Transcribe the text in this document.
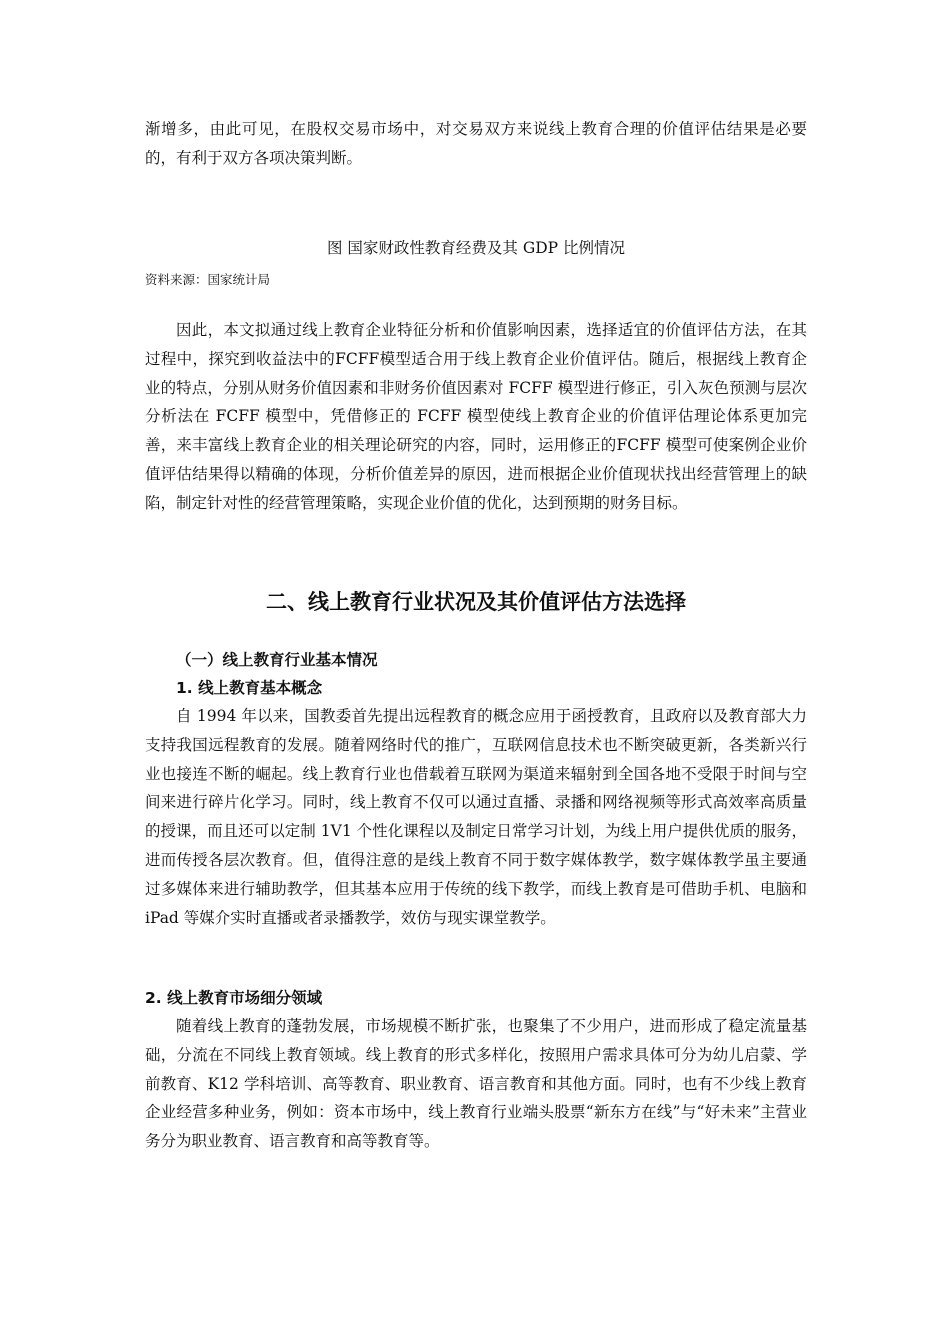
渐增多，由此可见，在股权交易市场中，对交易双方来说线上教育合理的价值评估结果是必要的，有利于双方各项决策判断。

图 国家财政性教育经费及其 GDP 比例情况

资料来源：国家统计局

因此，本文拟通过线上教育企业特征分析和价值影响因素，选择适宜的价值评估方法，在其过程中，探究到收益法中的FCFF模型适合用于线上教育企业价值评估。随后，根据线上教育企业的特点，分别从财务价值因素和非财务价值因素对 FCFF 模型进行修正，引入灰色预测与层次分析法在 FCFF 模型中，凭借修正的 FCFF 模型使线上教育企业的价值评估理论体系更加完善，来丰富线上教育企业的相关理论研究的内容，同时，运用修正的FCFF 模型可使案例企业价值评估结果得以精确的体现，分析价值差异的原因，进而根据企业价值现状找出经营管理上的缺陷，制定针对性的经营管理策略，实现企业价值的优化，达到预期的财务目标。

二、线上教育行业状况及其价值评估方法选择
（一）线上教育行业基本情况
1. 线上教育基本概念

自 1994 年以来，国教委首先提出远程教育的概念应用于函授教育，且政府以及教育部大力支持我国远程教育的发展。随着网络时代的推广，互联网信息技术也不断突破更新，各类新兴行业也接连不断的崛起。线上教育行业也借载着互联网为渠道来辐射到全国各地不受限于时间与空间来进行碎片化学习。同时，线上教育不仅可以通过直播、录播和网络视频等形式高效率高质量的授课，而且还可以定制 1V1 个性化课程以及制定日常学习计划，为线上用户提供优质的服务，进而传授各层次教育。但，值得注意的是线上教育不同于数字媒体教学，数字媒体教学虽主要通过多媒体来进行辅助教学，但其基本应用于传统的线下教学，而线上教育是可借助手机、电脑和 iPad 等媒介实时直播或者录播教学，效仿与现实课堂教学。

2. 线上教育市场细分领域

随着线上教育的蓬勃发展，市场规模不断扩张，也聚集了不少用户，进而形成了稳定流量基础，分流在不同线上教育领域。线上教育的形式多样化，按照用户需求具体可分为幼儿启蒙、学前教育、K12 学科培训、高等教育、职业教育、语言教育和其他方面。同时，也有不少线上教育企业经营多种业务，例如：资本市场中，线上教育行业端头股票“新东方在线”与“好未来”主营业务分为职业教育、语言教育和高等教育等。
